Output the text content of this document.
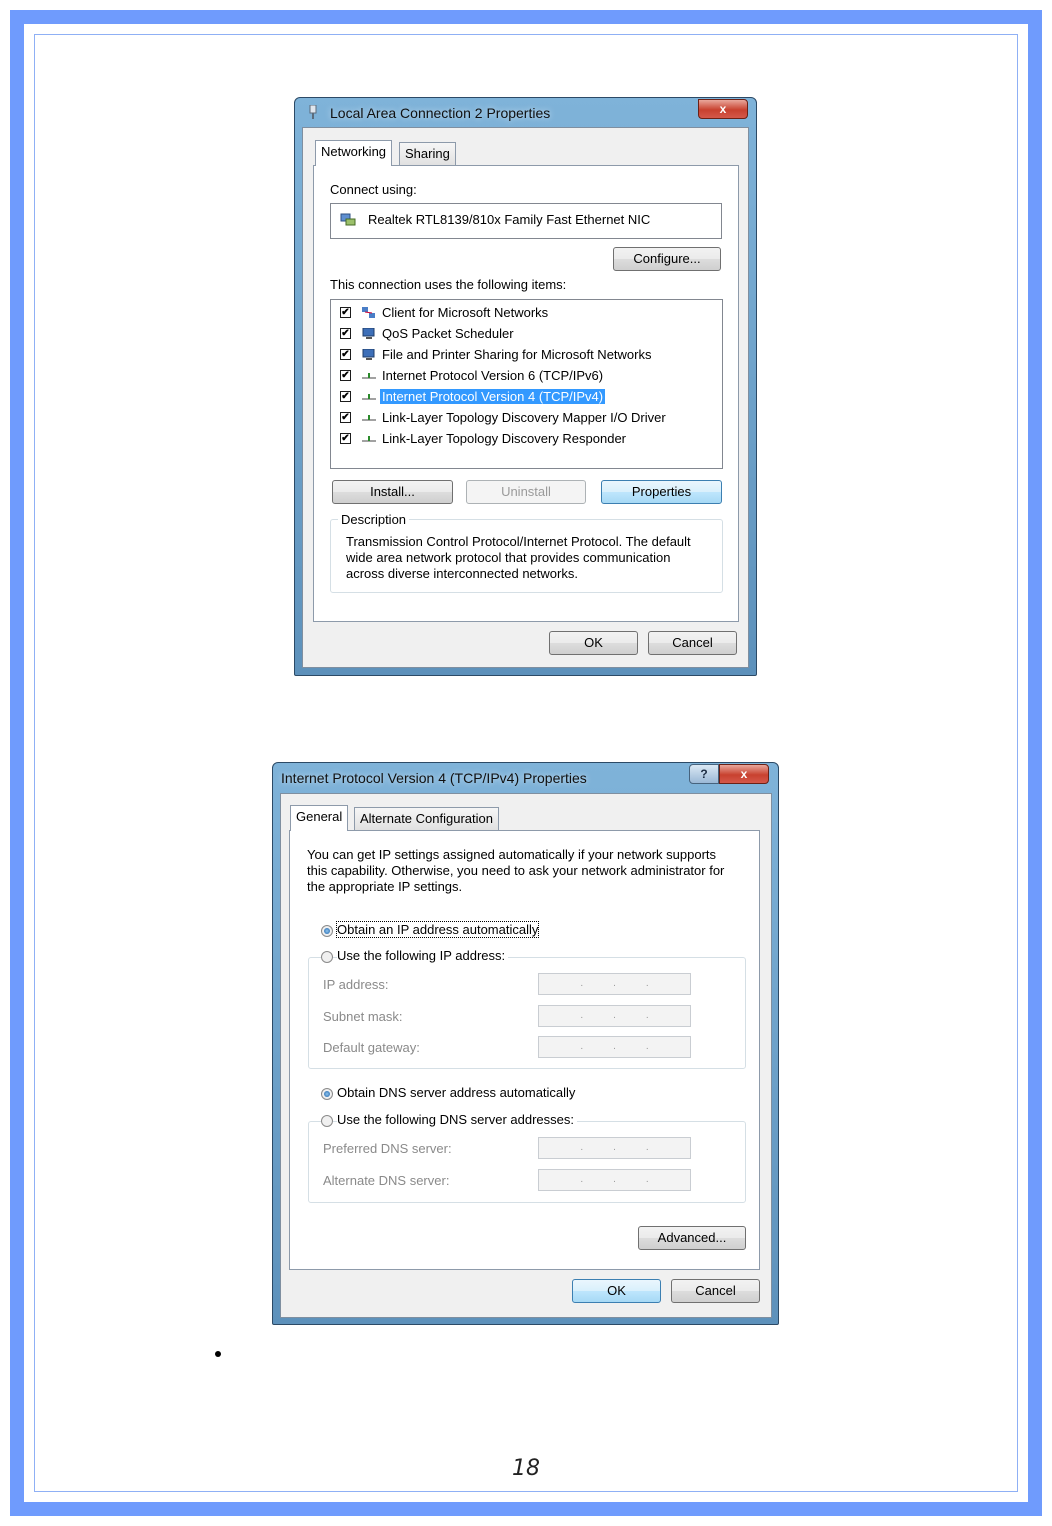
Local Area Connection 2 Properties	x
Networking	Sharing
Connect using:
Realtek RTL8139/810x Family Fast Ethernet NIC
Configure...
This connection uses the following items:
✔ Client for Microsoft Networks
✔ QoS Packet Scheduler
✔ File and Printer Sharing for Microsoft Networks
✔ Internet Protocol Version 6 (TCP/IPv6)
✔ Internet Protocol Version 4 (TCP/IPv4)
✔ Link-Layer Topology Discovery Mapper I/O Driver
✔ Link-Layer Topology Discovery Responder
Install...	Uninstall	Properties
Description
Transmission Control Protocol/Internet Protocol. The default wide area network protocol that provides communication across diverse interconnected networks.
OK	Cancel
Internet Protocol Version 4 (TCP/IPv4) Properties	?	x
General	Alternate Configuration
You can get IP settings assigned automatically if your network supports this capability. Otherwise, you need to ask your network administrator for the appropriate IP settings.
Obtain an IP address automatically
Use the following IP address:
IP address:	...
Subnet mask:	...
Default gateway:	...
Obtain DNS server address automatically
Use the following DNS server addresses:
Preferred DNS server:	...
Alternate DNS server:	...
Advanced...
OK	Cancel
18
